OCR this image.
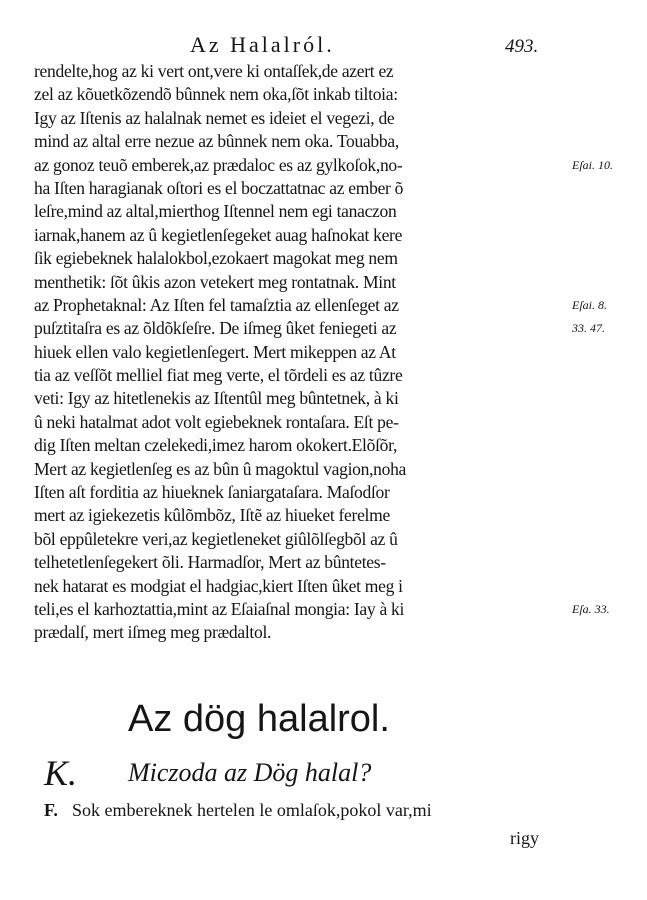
Az Halalról.	493.
rendelte,hog az ki vert ont,vere ki ontaſſek,de azert ez
zel az kõuetkõzendõ bûnnek nem oka,ſõt inkab tiltoia:
Igy az Iſtenis az halalnak nemet es ideiet el vegezi, de
mind az altal erre nezue az bûnnek nem oka. Touabba,
az gonoz teuõ emberek,az prædaloc es az gylkoſok,no-
ha Iſten haragianak oſtori es el boczattatnac az ember õ
leſre,mind az altal,mierthog Iſtennel nem egi tanaczon
iarnak,hanem az û kegietlenſegeket auag haſnokat kere
ſik egiebeknek halalokbol,ezokaert magokat meg nem
menthetik: ſõt ûkis azon vetekert meg rontatnak. Mint
az Prophetaknal: Az Iſten fel tamaſztia az ellenſeget az
puſztitaſra es az õldõkſeſre. De iſmeg ûket feniegeti az
hiuek ellen valo kegietlenſegert. Mert mikeppen az At
tia az veſſõt melliel fiat meg verte, el tõrdeli es az tûzre
veti: Igy az hitetlenekis az Iſtentûl meg bûntetnek, à ki
û neki hatalmat adot volt egiebeknek rontaſara. Eſt pe-
dig Iſten meltan czelekedi,imez harom okokert.Elõſõr,
Mert az kegietlenſeg es az bûn û magoktul vagion,noha
Iſten aſt forditia az hiueknek ſaniargataſara. Maſodſor
mert az igiekezetis kûlõmbõz, Iſtẽ az hiueket ferelme
bõl eppûletekre veri,az kegietleneket giûlõlſegbõl az û
telhetetlenſegekert õli. Harmadſor, Mert az bûntetes-
nek hatarat es modgiat el hadgiac,kiert Iſten ûket meg i
teli,es el karhoztattia,mint az Eſaiaſnal mongia: Iay à ki
prædalſ, mert iſmeg meg prædaltol.
Eſai. 10.
Eſai. 8.
33. 47.
Eſa. 33.
Az dög halalrol.
K. Miczoda az Dög halal?
F. Sok embereknek hertelen le omlaſok,pokol var,mi
rigy
